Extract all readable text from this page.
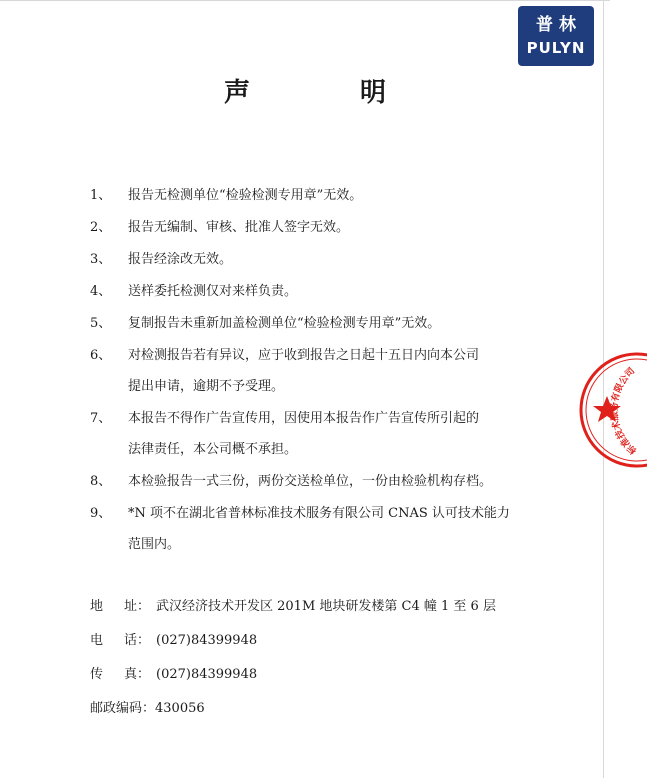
普林
PULYN
声明
1、	报告无检测单位“检验检测专用章”无效。
2、	报告无编制、审核、批准人签字无效。
3、	报告经涂改无效。
4、	送样委托检测仅对来样负责。
5、	复制报告未重新加盖检测单位“检验检测专用章”无效。
6、	对检测报告若有异议，应于收到报告之日起十五日内向本公司
提出申请，逾期不予受理。
7、	本报告不得作广告宣传用，因使用本报告作广告宣传所引起的
法律责任，本公司概不承担。
8、	本检验报告一式三份，两份交送检单位，一份由检验机构存档。
9、	*N 项不在湖北省普林标准技术服务有限公司 CNAS 认可技术能力
范围内。
地 址： 武汉经济技术开发区 201M 地块研发楼第 C4 幢 1 至 6 层
电 话： (027)84399948
传 真： (027)84399948
邮政编码： 430056
标准技术服务有限公司
